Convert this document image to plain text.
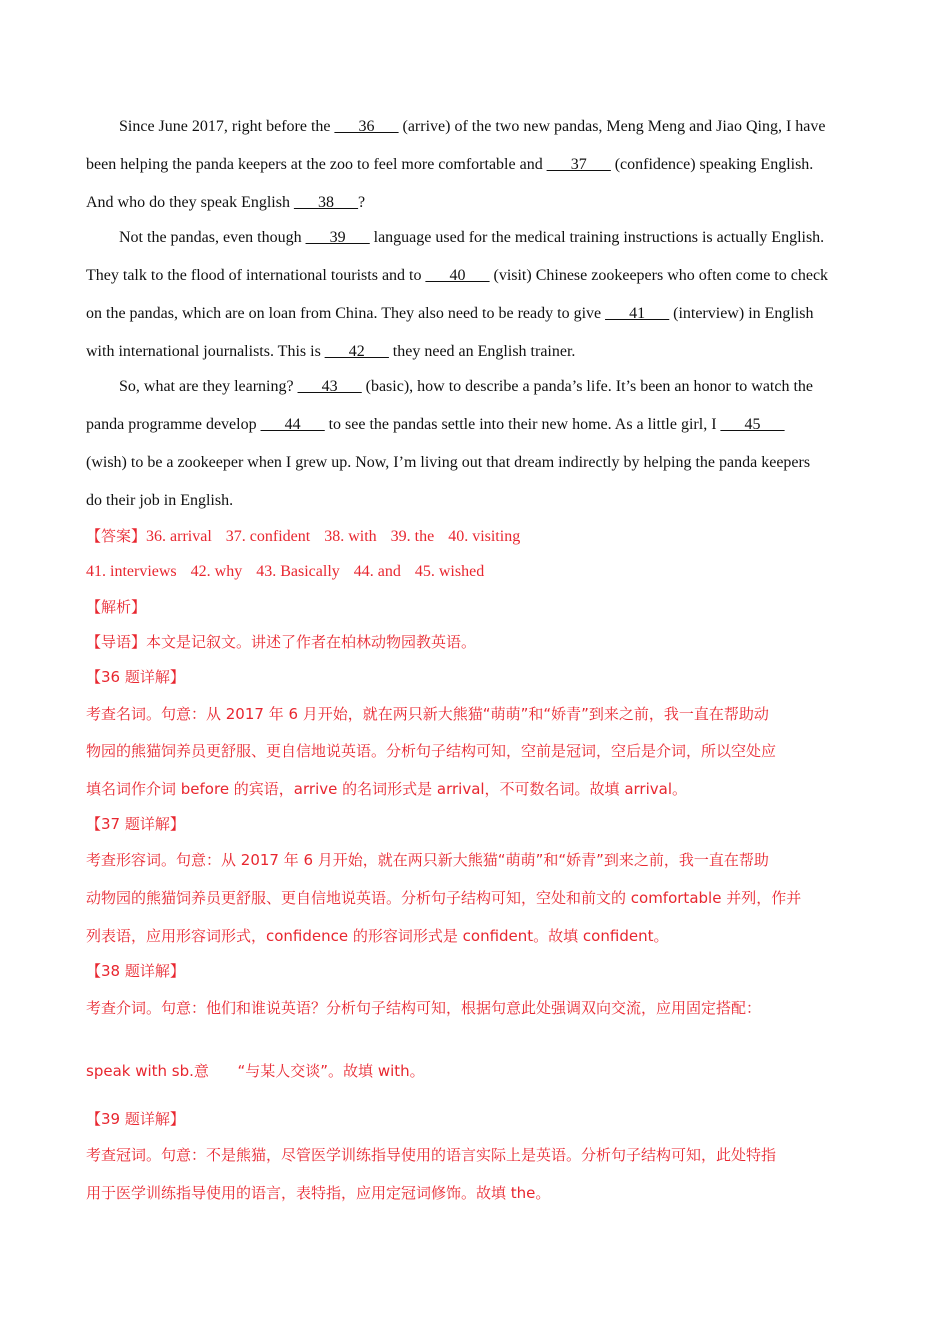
Since June 2017, right before the ___36___ (arrive) of the two new pandas, Meng Meng and Jiao Qing, I have
been helping the panda keepers at the zoo to feel more comfortable and ___37___ (confidence) speaking English.
And who do they speak English ___38___?
Not the pandas, even though ___39___ language used for the medical training instructions is actually English.
They talk to the flood of international tourists and to ___40___ (visit) Chinese zookeepers who often come to check
on the pandas, which are on loan from China. They also need to be ready to give ___41___ (interview) in English
with international journalists. This is ___42___ they need an English trainer.
So, what are they learning? ___43___ (basic), how to describe a panda’s life. It’s been an honor to watch the
panda programme develop ___44___ to see the pandas settle into their new home. As a little girl, I ___45___
(wish) to be a zookeeper when I grew up. Now, I’m living out that dream indirectly by helping the panda keepers
do their job in English.
【答案】36. arrival 37. confident 38. with 39. the 40. visiting
41. interviews 42. why 43. Basically 44. and 45. wished
【解析】
【导语】本文是记叙文。讲述了作者在柏林动物园教英语。
【36 题详解】
考查名词。句意：从 2017 年 6 月开始，就在两只新大熊猫“萌萌”和“娇青”到来之前，我一直在帮助动
物园的熊猫饲养员更舒服、更自信地说英语。分析句子结构可知，空前是冠词，空后是介词，所以空处应
填名词作介词 before 的宾语，arrive 的名词形式是 arrival，不可数名词。故填 arrival。
【37 题详解】
考查形容词。句意：从 2017 年 6 月开始，就在两只新大熊猫“萌萌”和“娇青”到来之前，我一直在帮助
动物园的熊猫饲养员更舒服、更自信地说英语。分析句子结构可知，空处和前文的 comfortable 并列，作并
列表语，应用形容词形式，confidence 的形容词形式是 confident。故填 confident。
【38 题详解】
考查介词。句意：他们和谁说英语？分析句子结构可知，根据句意此处强调双向交流，应用固定搭配：
speak with sb.意      “与某人交谈”。故填 with。
【39 题详解】
考查冠词。句意：不是熊猫，尽管医学训练指导使用的语言实际上是英语。分析句子结构可知，此处特指
用于医学训练指导使用的语言，表特指，应用定冠词修饰。故填 the。
